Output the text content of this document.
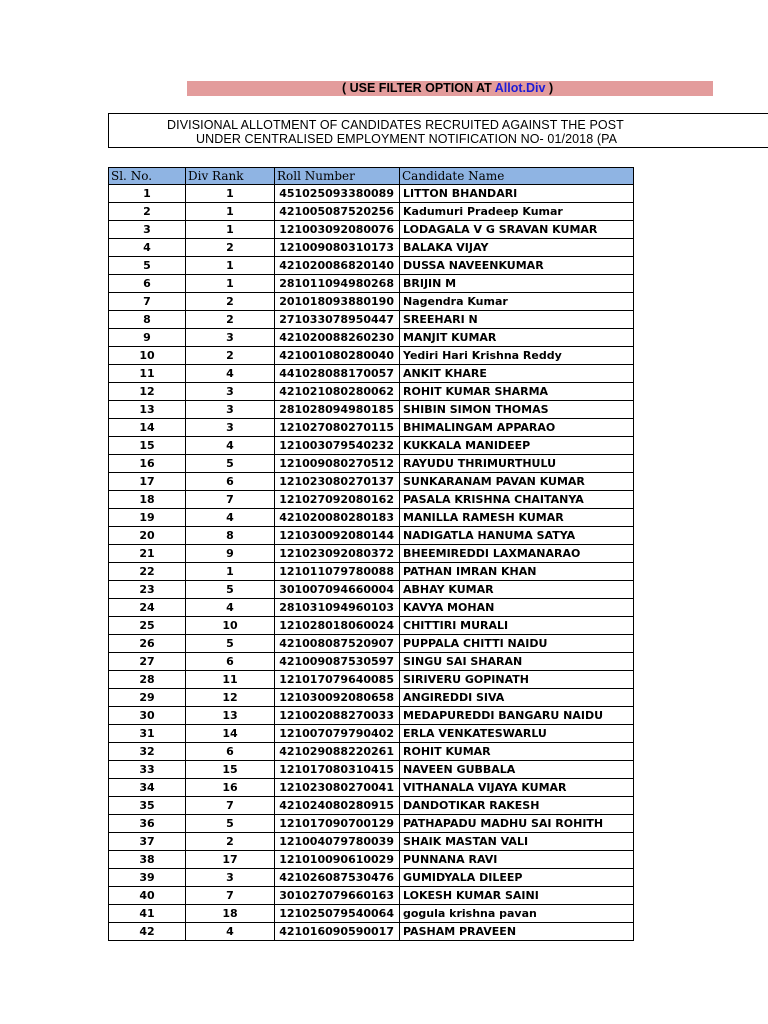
( USE FILTER OPTION AT Allot.Div )
DIVISIONAL ALLOTMENT OF CANDIDATES RECRUITED AGAINST THE POST
UNDER CENTRALISED EMPLOYMENT NOTIFICATION NO- 01/2018 (PA
Sl. No.	Div Rank	Roll Number	Candidate Name
1	1	451025093380089	LITTON BHANDARI
2	1	421005087520256	Kadumuri Pradeep Kumar
3	1	121003092080076	LODAGALA V G SRAVAN KUMAR
4	2	121009080310173	BALAKA VIJAY
5	1	421020086820140	DUSSA NAVEENKUMAR
6	1	281011094980268	BRIJIN M
7	2	201018093880190	Nagendra Kumar
8	2	271033078950447	SREEHARI N
9	3	421020088260230	MANJIT KUMAR
10	2	421001080280040	Yediri Hari Krishna Reddy
11	4	441028088170057	ANKIT KHARE
12	3	421021080280062	ROHIT KUMAR SHARMA
13	3	281028094980185	SHIBIN SIMON THOMAS
14	3	121027080270115	BHIMALINGAM APPARAO
15	4	121003079540232	KUKKALA MANIDEEP
16	5	121009080270512	RAYUDU THRIMURTHULU
17	6	121023080270137	SUNKARANAM PAVAN KUMAR
18	7	121027092080162	PASALA KRISHNA CHAITANYA
19	4	421020080280183	MANILLA RAMESH KUMAR
20	8	121030092080144	NADIGATLA HANUMA SATYA
21	9	121023092080372	BHEEMIREDDI LAXMANARAO
22	1	121011079780088	PATHAN IMRAN KHAN
23	5	301007094660004	ABHAY KUMAR
24	4	281031094960103	KAVYA MOHAN
25	10	121028018060024	CHITTIRI MURALI
26	5	421008087520907	PUPPALA CHITTI NAIDU
27	6	421009087530597	SINGU SAI SHARAN
28	11	121017079640085	SIRIVERU GOPINATH
29	12	121030092080658	ANGIREDDI SIVA
30	13	121002088270033	MEDAPUREDDI BANGARU NAIDU
31	14	121007079790402	ERLA VENKATESWARLU
32	6	421029088220261	ROHIT KUMAR
33	15	121017080310415	NAVEEN GUBBALA
34	16	121023080270041	VITHANALA VIJAYA KUMAR
35	7	421024080280915	DANDOTIKAR RAKESH
36	5	121017090700129	PATHAPADU MADHU SAI ROHITH
37	2	121004079780039	SHAIK MASTAN VALI
38	17	121010090610029	PUNNANA RAVI
39	3	421026087530476	GUMIDYALA DILEEP
40	7	301027079660163	LOKESH KUMAR SAINI
41	18	121025079540064	gogula krishna pavan
42	4	421016090590017	PASHAM PRAVEEN
